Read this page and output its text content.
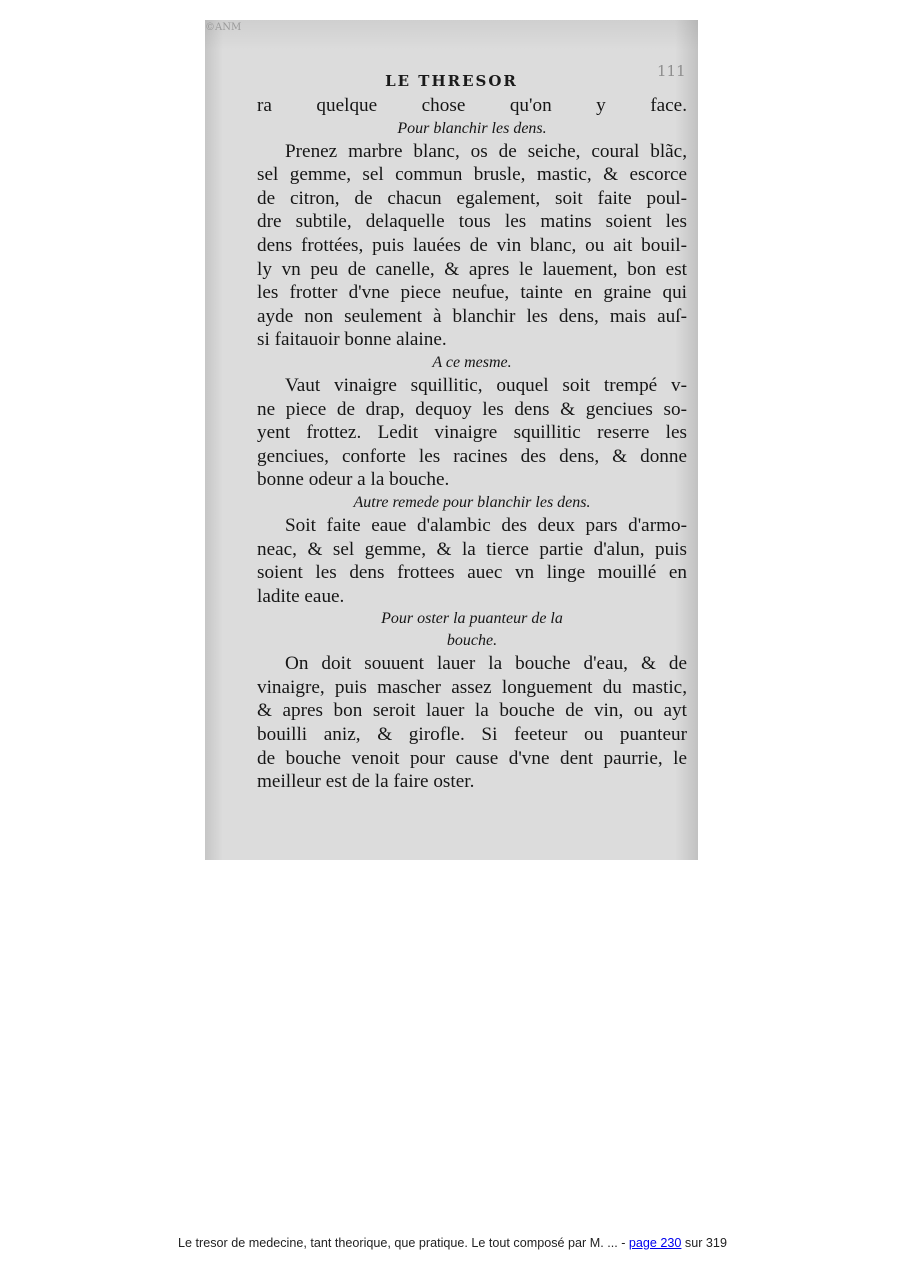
©ANM
111
LE THRESOR
ra quelque chose qu'on y face.
Pour blanchir les dens.
Prenez marbre blanc, os de seiche, coural blãc,
sel gemme, sel commun brusle, mastic, & escorce
de citron, de chacun egalement, soit faite poul-
dre subtile, delaquelle tous les matins soient les
dens frottées, puis lauées de vin blanc, ou ait bouil-
ly vn peu de canelle, & apres le lauement, bon est
les frotter d'vne piece neufue, tainte en graine qui
ayde non seulement à blanchir les dens, mais auſ-
si faitauoir bonne alaine.
A ce mesme.
Vaut vinaigre squillitic, ouquel soit trempé v-
ne piece de drap, dequoy les dens & genciues so-
yent frottez. Ledit vinaigre squillitic reserre les
genciues, conforte les racines des dens, & donne
bonne odeur a la bouche.
Autre remede pour blanchir les dens.
Soit faite eaue d'alambic des deux pars d'armo-
neac, & sel gemme, & la tierce partie d'alun, puis
soient les dens frottees auec vn linge mouillé en
ladite eaue.
Pour oster la puanteur de la
bouche.
On doit souuent lauer la bouche d'eau, & de
vinaigre, puis mascher assez longuement du mastic,
& apres bon seroit lauer la bouche de vin, ou ayt
bouilli aniz, & girofle. Si feeteur ou puanteur
de bouche venoit pour cause d'vne dent paurrie, le
meilleur est de la faire oster.
Le tresor de medecine, tant theorique, que pratique. Le tout composé par M. ... - page 230 sur 319
